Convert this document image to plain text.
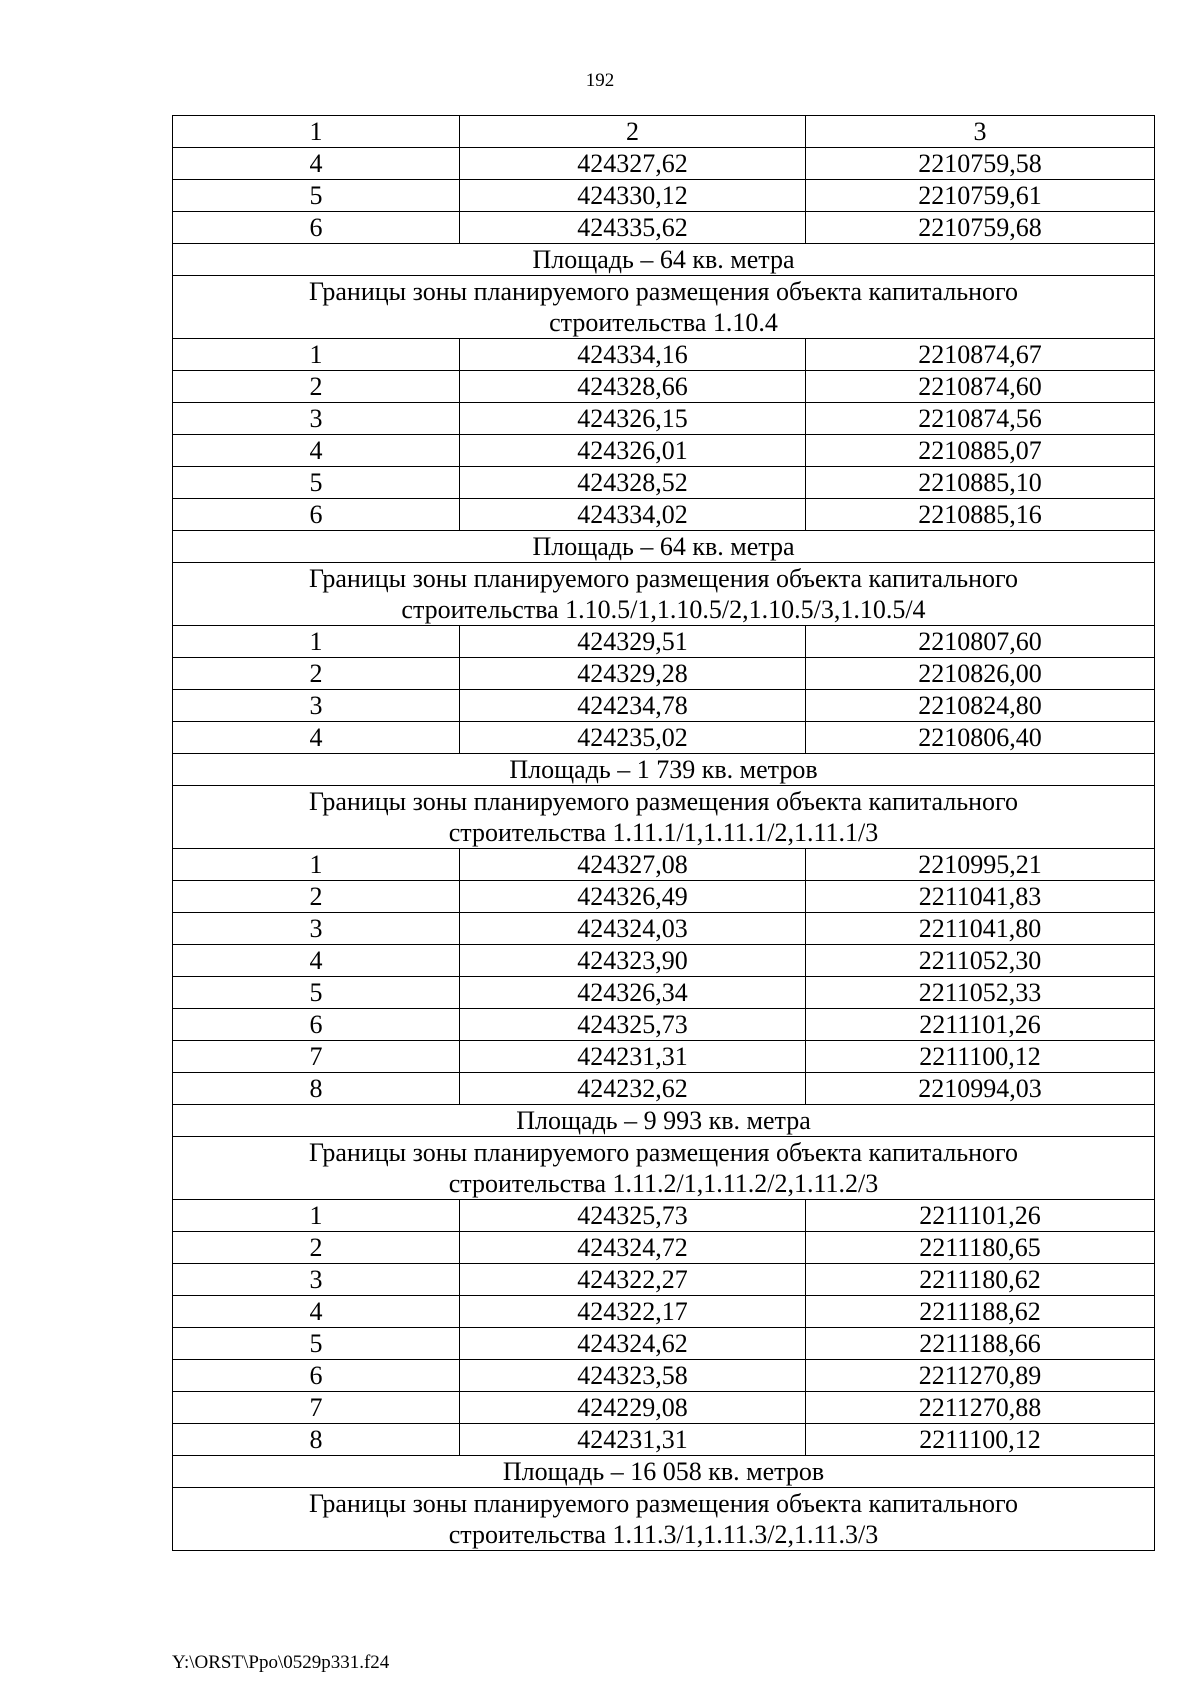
192
1	2	3
4	424327,62	2210759,58
5	424330,12	2210759,61
6	424335,62	2210759,68
Площадь – 64 кв. метра		

Границы зоны планируемого размещения объекта капитального
строительства 1.10.4		

1	424334,16	2210874,67
2	424328,66	2210874,60
3	424326,15	2210874,56
4	424326,01	2210885,07
5	424328,52	2210885,10
6	424334,02	2210885,16
Площадь – 64 кв. метра		

Границы зоны планируемого размещения объекта капитального
строительства 1.10.5/1,1.10.5/2,1.10.5/3,1.10.5/4		

1	424329,51	2210807,60
2	424329,28	2210826,00
3	424234,78	2210824,80
4	424235,02	2210806,40
Площадь – 1 739 кв. метров		

Границы зоны планируемого размещения объекта капитального
строительства 1.11.1/1,1.11.1/2,1.11.1/3		

1	424327,08	2210995,21
2	424326,49	2211041,83
3	424324,03	2211041,80
4	424323,90	2211052,30
5	424326,34	2211052,33
6	424325,73	2211101,26
7	424231,31	2211100,12
8	424232,62	2210994,03
Площадь – 9 993 кв. метра		

Границы зоны планируемого размещения объекта капитального
строительства 1.11.2/1,1.11.2/2,1.11.2/3		

1	424325,73	2211101,26
2	424324,72	2211180,65
3	424322,27	2211180,62
4	424322,17	2211188,62
5	424324,62	2211188,66
6	424323,58	2211270,89
7	424229,08	2211270,88
8	424231,31	2211100,12
Площадь – 16 058 кв. метров		

Границы зоны планируемого размещения объекта капитального
строительства 1.11.3/1,1.11.3/2,1.11.3/3		
Y:\ORST\Ppo\0529p331.f24
